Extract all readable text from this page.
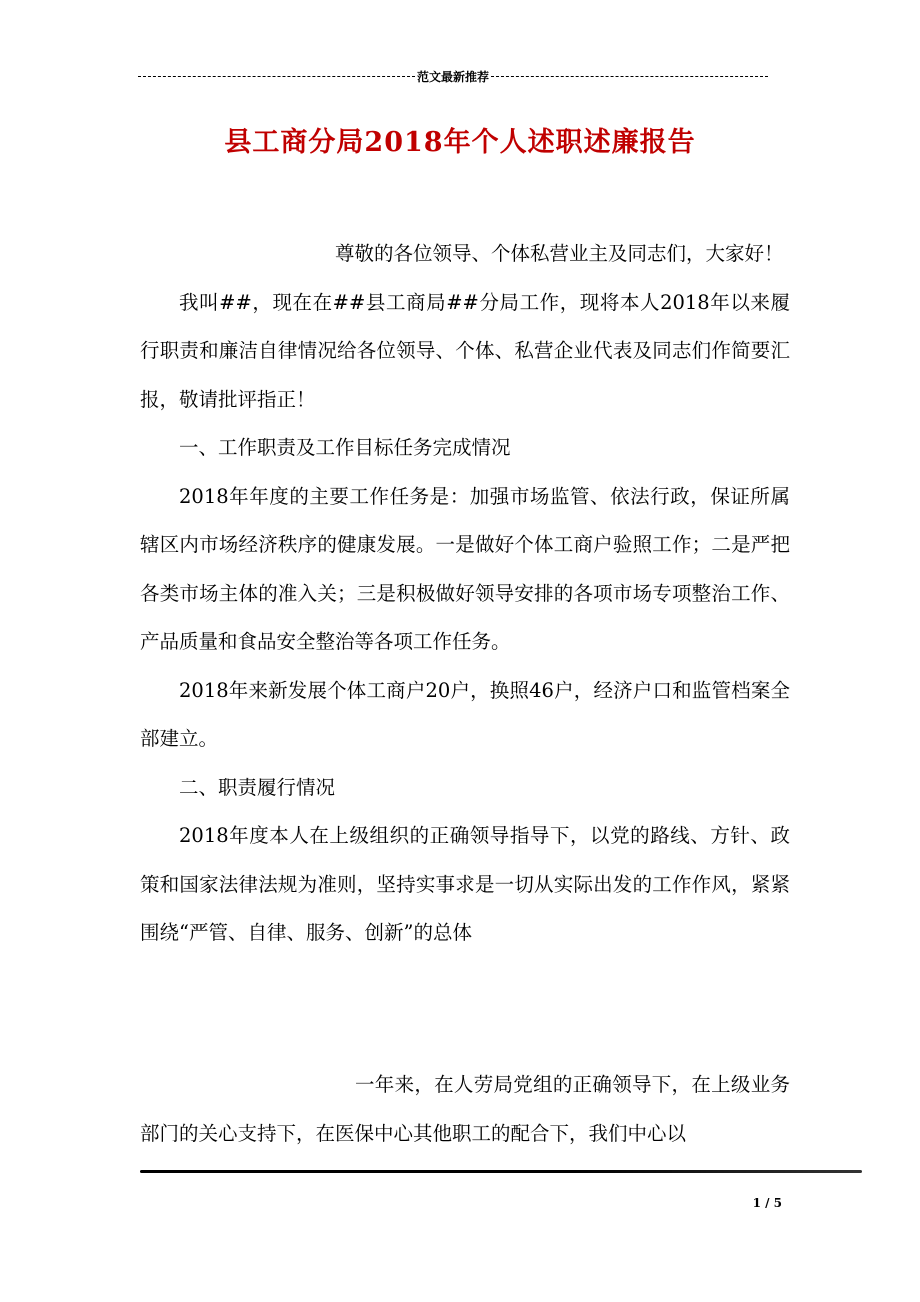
范文最新推荐
县工商分局2018年个人述职述廉报告

尊敬的各位领导、个体私营业主及同志们，大家好！

我叫##，现在在##县工商局##分局工作，现将本人2018年以来履行职责和廉洁自律情况给各位领导、个体、私营企业代表及同志们作简要汇报，敬请批评指正！

一、工作职责及工作目标任务完成情况

2018年年度的主要工作任务是：加强市场监管、依法行政，保证所属辖区内市场经济秩序的健康发展。一是做好个体工商户验照工作；二是严把各类市场主体的准入关；三是积极做好领导安排的各项市场专项整治工作、产品质量和食品安全整治等各项工作任务。

2018年来新发展个体工商户20户，换照46户，经济户口和监管档案全部建立。

二、职责履行情况

2018年度本人在上级组织的正确领导指导下，以党的路线、方针、政策和国家法律法规为准则，坚持实事求是一切从实际出发的工作作风，紧紧围绕“严管、自律、服务、创新”的总体

一年来，在人劳局党组的正确领导下，在上级业务部门的关心支持下，在医保中心其他职工的配合下，我们中心以

1 / 5
